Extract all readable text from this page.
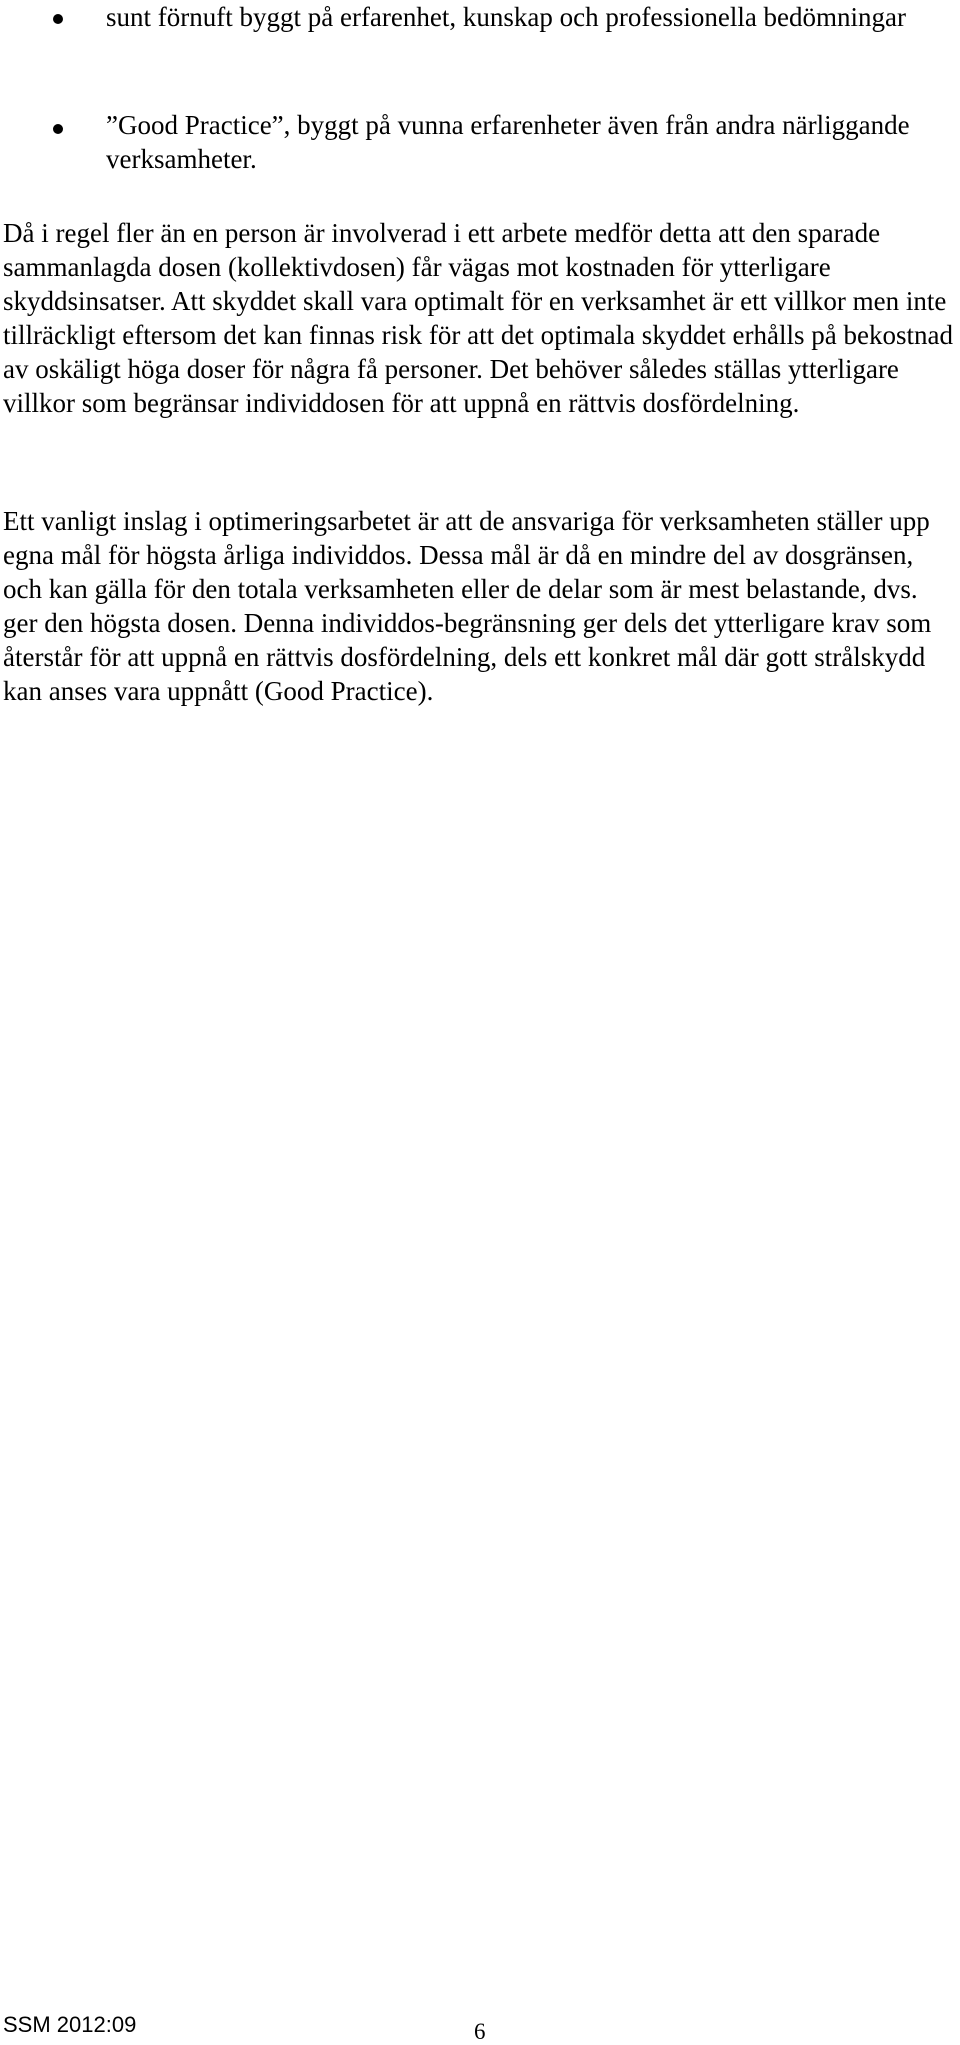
sunt förnuft byggt på erfarenhet, kunskap och professionella bedömningar

”Good Practice”, byggt på vunna erfarenheter även från andra närliggande verksamheter.

Då i regel fler än en person är involverad i ett arbete medför detta att den sparade sammanlagda dosen (kollektivdosen) får vägas mot kostnaden för ytterligare skyddsinsatser. Att skyddet skall vara optimalt för en verksamhet är ett villkor men inte tillräckligt eftersom det kan finnas risk för att det optimala skyddet erhålls på bekostnad av oskäligt höga doser för några få personer. Det behöver således ställas ytterligare villkor som begränsar individdosen för att uppnå en rättvis dosfördelning.

Ett vanligt inslag i optimeringsarbetet är att de ansvariga för verksamheten ställer upp egna mål för högsta årliga individdos. Dessa mål är då en mindre del av dosgränsen, och kan gälla för den totala verksamheten eller de delar som är mest belastande, dvs. ger den högsta dosen. Denna individdos-begränsning ger dels det ytterligare krav som återstår för att uppnå en rättvis dosfördelning, dels ett konkret mål där gott strålskydd kan anses vara uppnått (Good Practice).

SSM 2012:09	6
